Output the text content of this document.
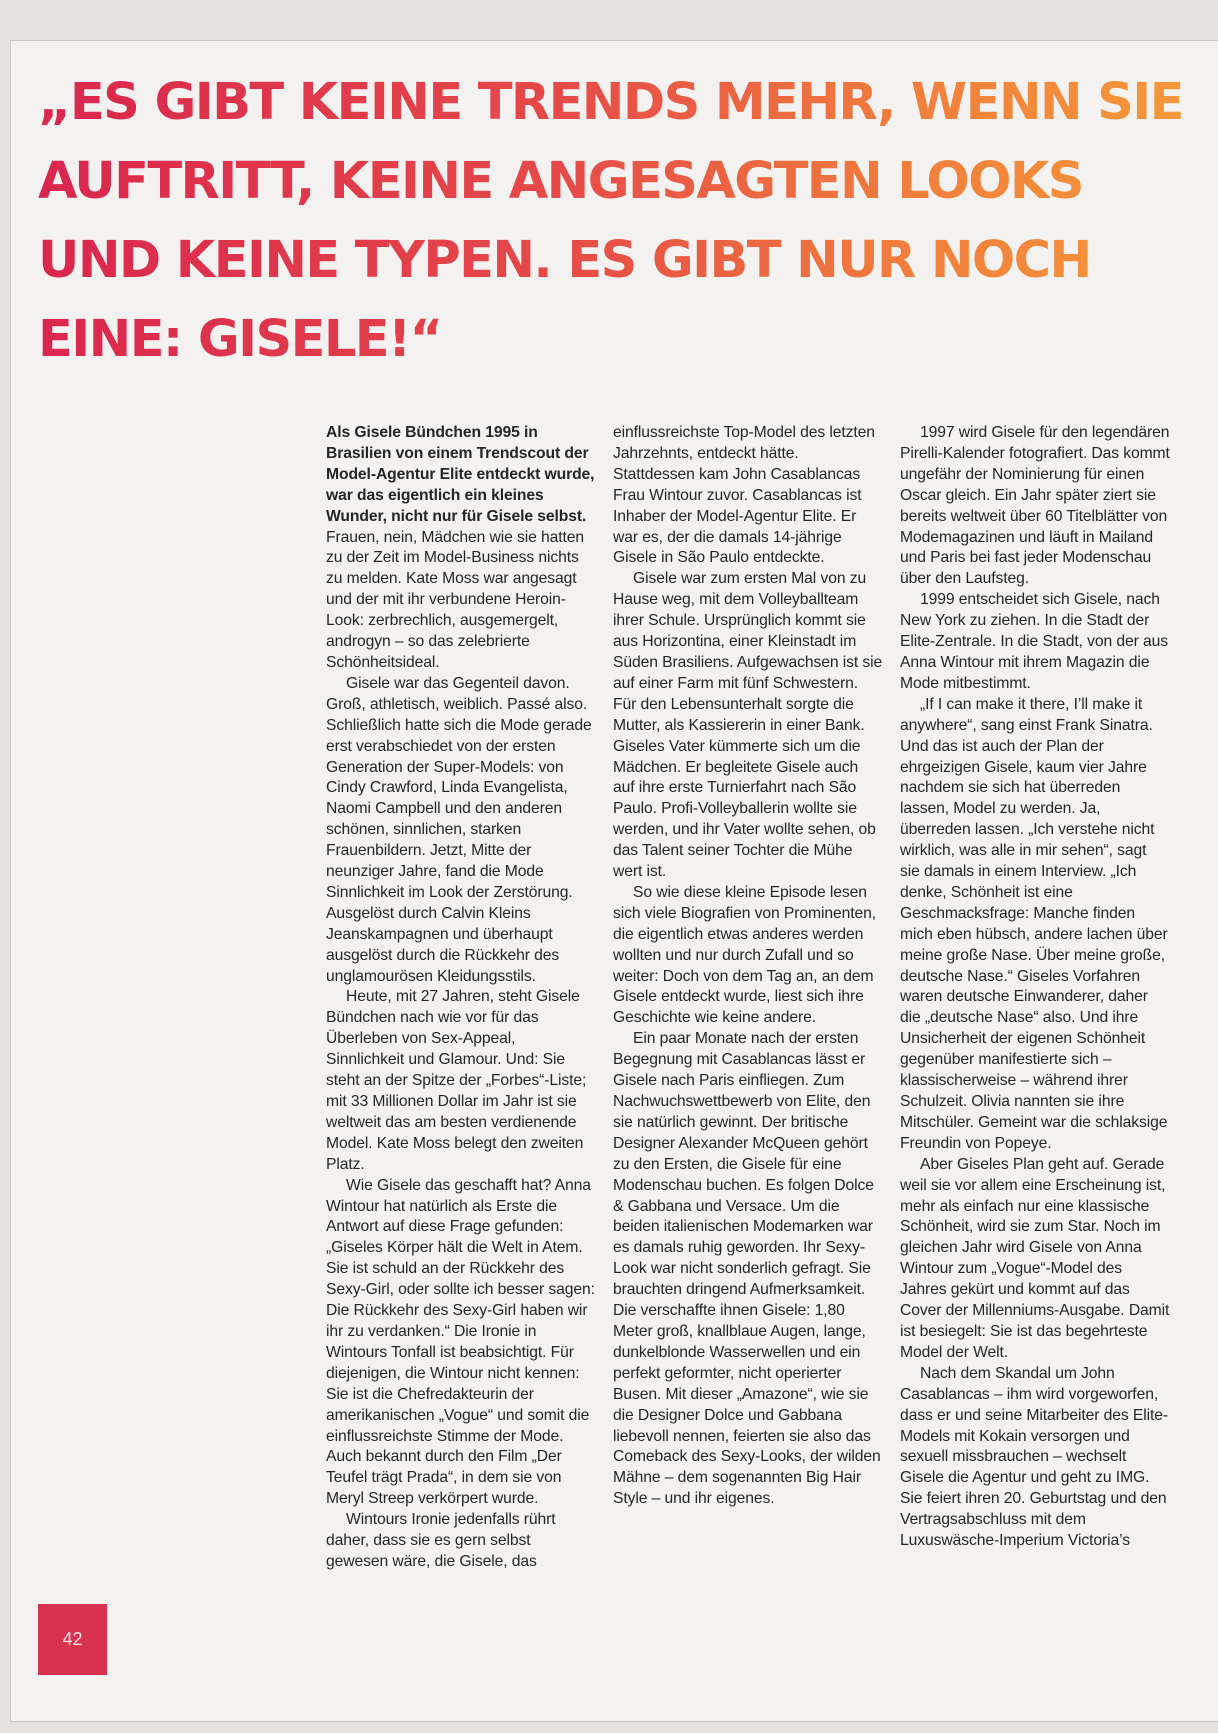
„ES GIBT KEINE TRENDS MEHR, WENN SIE AUFTRITT, KEINE ANGESAGTEN LOOKS UND KEINE TYPEN. ES GIBT NUR NOCH EINE: GISELE!“

Als Gisele Bündchen 1995 in Brasilien von einem Trendscout der Model-Agentur Elite entdeckt wurde, war das eigentlich ein kleines Wunder, nicht nur für Gisele selbst. Frauen, nein, Mädchen wie sie hatten zu der Zeit im Model-Business nichts zu melden. Kate Moss war angesagt und der mit ihr verbundene Heroin-Look: zerbrechlich, ausgemergelt, androgyn – so das zelebrierte Schönheitsideal.

Gisele war das Gegenteil davon. Groß, athletisch, weiblich. Passé also. Schließlich hatte sich die Mode gerade erst verabschiedet von der ersten Generation der Super-Models: von Cindy Crawford, Linda Evangelista, Naomi Campbell und den anderen schönen, sinnlichen, starken Frauenbildern. Jetzt, Mitte der neunziger Jahre, fand die Mode Sinnlichkeit im Look der Zerstörung. Ausgelöst durch Calvin Kleins Jeanskampagnen und überhaupt ausgelöst durch die Rückkehr des unglamourösen Kleidungsstils.

Heute, mit 27 Jahren, steht Gisele Bündchen nach wie vor für das Überleben von Sex-Appeal, Sinnlichkeit und Glamour. Und: Sie steht an der Spitze der „Forbes“-Liste; mit 33 Millionen Dollar im Jahr ist sie weltweit das am besten verdienende Model. Kate Moss belegt den zweiten Platz.

Wie Gisele das geschafft hat? Anna Wintour hat natürlich als Erste die Antwort auf diese Frage gefunden: „Giseles Körper hält die Welt in Atem. Sie ist schuld an der Rückkehr des Sexy-Girl, oder sollte ich besser sagen: Die Rückkehr des Sexy-Girl haben wir ihr zu verdanken.“ Die Ironie in Wintours Tonfall ist beabsichtigt. Für diejenigen, die Wintour nicht kennen: Sie ist die Chefredakteurin der amerikanischen „Vogue“ und somit die einflussreichste Stimme der Mode. Auch bekannt durch den Film „Der Teufel trägt Prada“, in dem sie von Meryl Streep verkörpert wurde.

Wintours Ironie jedenfalls rührt daher, dass sie es gern selbst gewesen wäre, die Gisele, das

einflussreichste Top-Model des letzten Jahrzehnts, entdeckt hätte. Stattdessen kam John Casablancas Frau Wintour zuvor. Casablancas ist Inhaber der Model-Agentur Elite. Er war es, der die damals 14-jährige Gisele in São Paulo entdeckte.

Gisele war zum ersten Mal von zu Hause weg, mit dem Volleyballteam ihrer Schule. Ursprünglich kommt sie aus Horizontina, einer Kleinstadt im Süden Brasiliens. Aufgewachsen ist sie auf einer Farm mit fünf Schwestern. Für den Lebensunterhalt sorgte die Mutter, als Kassiererin in einer Bank. Giseles Vater kümmerte sich um die Mädchen. Er begleitete Gisele auch auf ihre erste Turnierfahrt nach São Paulo. Profi-Volleyballerin wollte sie werden, und ihr Vater wollte sehen, ob das Talent seiner Tochter die Mühe wert ist.

So wie diese kleine Episode lesen sich viele Biografien von Prominenten, die eigentlich etwas anderes werden wollten und nur durch Zufall und so weiter: Doch von dem Tag an, an dem Gisele entdeckt wurde, liest sich ihre Geschichte wie keine andere.

Ein paar Monate nach der ersten Begegnung mit Casablancas lässt er Gisele nach Paris einfliegen. Zum Nachwuchswettbewerb von Elite, den sie natürlich gewinnt. Der britische Designer Alexander McQueen gehört zu den Ersten, die Gisele für eine Modenschau buchen. Es folgen Dolce & Gabbana und Versace. Um die beiden italienischen Modemarken war es damals ruhig geworden. Ihr Sexy-Look war nicht sonderlich gefragt. Sie brauchten dringend Aufmerksamkeit. Die verschaffte ihnen Gisele: 1,80 Meter groß, knallblaue Augen, lange, dunkelblonde Wasserwellen und ein perfekt geformter, nicht operierter Busen. Mit dieser „Amazone“, wie sie die Designer Dolce und Gabbana liebevoll nennen, feierten sie also das Comeback des Sexy-Looks, der wilden Mähne – dem sogenannten Big Hair Style – und ihr eigenes.

1997 wird Gisele für den legendären Pirelli-Kalender fotografiert. Das kommt ungefähr der Nominierung für einen Oscar gleich. Ein Jahr später ziert sie bereits weltweit über 60 Titelblätter von Modemagazinen und läuft in Mailand und Paris bei fast jeder Modenschau über den Laufsteg.

1999 entscheidet sich Gisele, nach New York zu ziehen. In die Stadt der Elite-Zentrale. In die Stadt, von der aus Anna Wintour mit ihrem Magazin die Mode mitbestimmt.

„If I can make it there, I’ll make it anywhere“, sang einst Frank Sinatra. Und das ist auch der Plan der ehrgeizigen Gisele, kaum vier Jahre nachdem sie sich hat überreden lassen, Model zu werden. Ja, überreden lassen. „Ich verstehe nicht wirklich, was alle in mir sehen“, sagt sie damals in einem Interview. „Ich denke, Schönheit ist eine Geschmacksfrage: Manche finden mich eben hübsch, andere lachen über meine große Nase. Über meine große, deutsche Nase.“ Giseles Vorfahren waren deutsche Einwanderer, daher die „deutsche Nase“ also. Und ihre Unsicherheit der eigenen Schönheit gegenüber manifestierte sich – klassischerweise – während ihrer Schulzeit. Olivia nannten sie ihre Mitschüler. Gemeint war die schlaksige Freundin von Popeye.

Aber Giseles Plan geht auf. Gerade weil sie vor allem eine Erscheinung ist, mehr als einfach nur eine klassische Schönheit, wird sie zum Star. Noch im gleichen Jahr wird Gisele von Anna Wintour zum „Vogue“-Model des Jahres gekürt und kommt auf das Cover der Millenniums-Ausgabe. Damit ist besiegelt: Sie ist das begehrteste Model der Welt.

Nach dem Skandal um John Casablancas – ihm wird vorgeworfen, dass er und seine Mitarbeiter des Elite-Models mit Kokain versorgen und sexuell missbrauchen – wechselt Gisele die Agentur und geht zu IMG. Sie feiert ihren 20. Geburtstag und den Vertragsabschluss mit dem Luxuswäsche-Imperium Victoria’s

42
